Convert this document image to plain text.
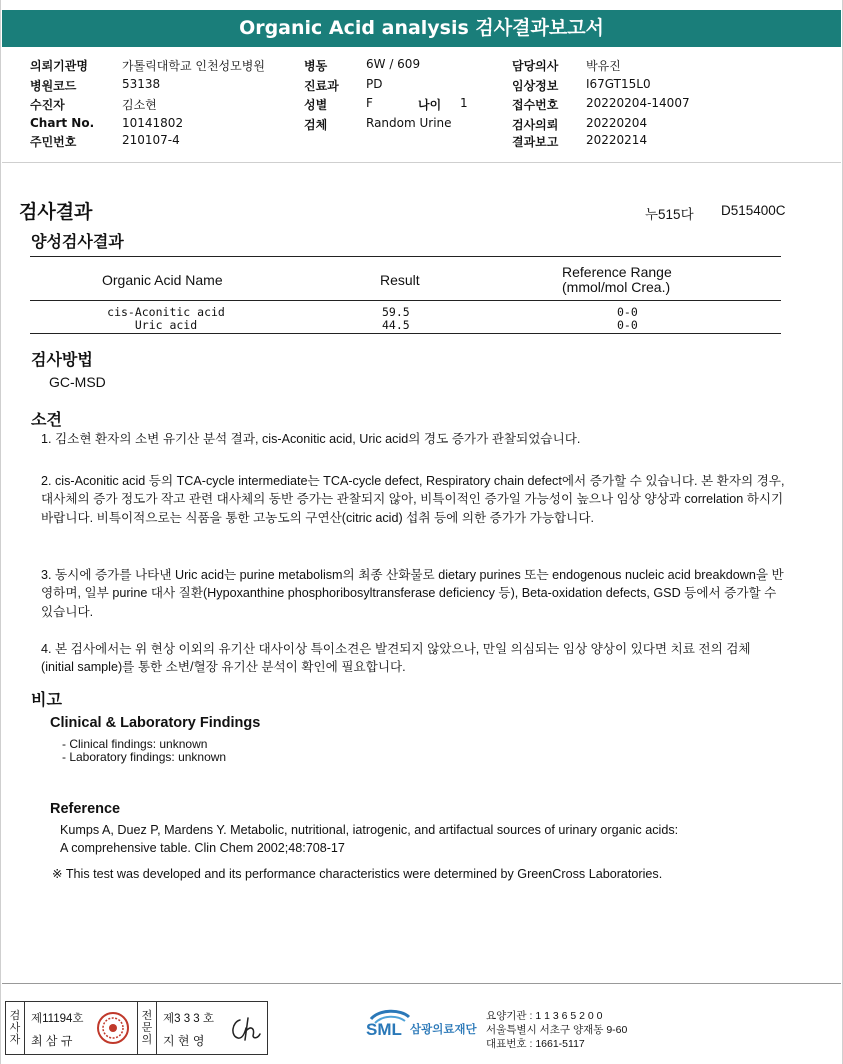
Organic Acid analysis 검사결과보고서
의뢰기관명	가톨릭대학교 인천성모병원
병원코드	53138
수진자	김소현
Chart No. 10141802
주민번호	210107-4
병동	6W / 609
진료과 PD
성별	F	나이 1
검체	Random Urine
담당의사 박유진
임상정보 I67GT15L0
접수번호 20220204-14007
검사의뢰 20220204
결과보고 20220214
검사결과	누515다 D515400C
양성검사결과
Organic Acid Name	Result	Reference Range
(mmol/mol Crea.)
cis-Aconitic acid	59.5	0-0
Uric acid	44.5	0-0
검사방법
GC-MSD
소견
1. 김소현 환자의 소변 유기산 분석 결과, cis-Aconitic acid, Uric acid의 경도 증가가 관찰되었습니다.
2. cis-Aconitic acid 등의 TCA-cycle intermediate는 TCA-cycle defect, Respiratory chain defect에서 증가할 수 있습니다. 본 환자의 경우, 대사체의 증가 정도가 작고 관련 대사체의 동반 증가는 관찰되지 않아, 비특이적인 증가일 가능성이 높으나 임상 양상과 correlation 하시기 바랍니다. 비특이적으로는 식품을 통한 고농도의 구연산(citric acid) 섭취 등에 의한 증가가 가능합니다.
3. 동시에 증가를 나타낸 Uric acid는 purine metabolism의 최종 산화물로 dietary purines 또는 endogenous nucleic acid breakdown을 반영하며, 일부 purine 대사 질환(Hypoxanthine phosphoribosyltransferase deficiency 등), Beta-oxidation defects, GSD 등에서 증가할 수 있습니다.
4. 본 검사에서는 위 현상 이외의 유기산 대사이상 특이소견은 발견되지 않았으나, 만일 의심되는 임상 양상이 있다면 치료 전의 검체 (initial sample)를 통한 소변/혈장 유기산 분석이 확인에 필요합니다.
비고
Clinical & Laboratory Findings
- Clinical findings: unknown
- Laboratory findings: unknown
Reference
Kumps A, Duez P, Mardens Y. Metabolic, nutritional, iatrogenic, and artifactual sources of urinary organic acids:
A comprehensive table. Clin Chem 2002;48:708-17
※ This test was developed and its performance characteristics were determined by GreenCross Laboratories.
검
사
자
제11194호
최 삼 규
전
문
의
제3 3 3 호
지 현 영
SML 삼광의료재단
요양기관 : 1 1 3 6 5 2 0 0
서울특별시 서초구 양재동 9-60
대표번호 : 1661-5117
